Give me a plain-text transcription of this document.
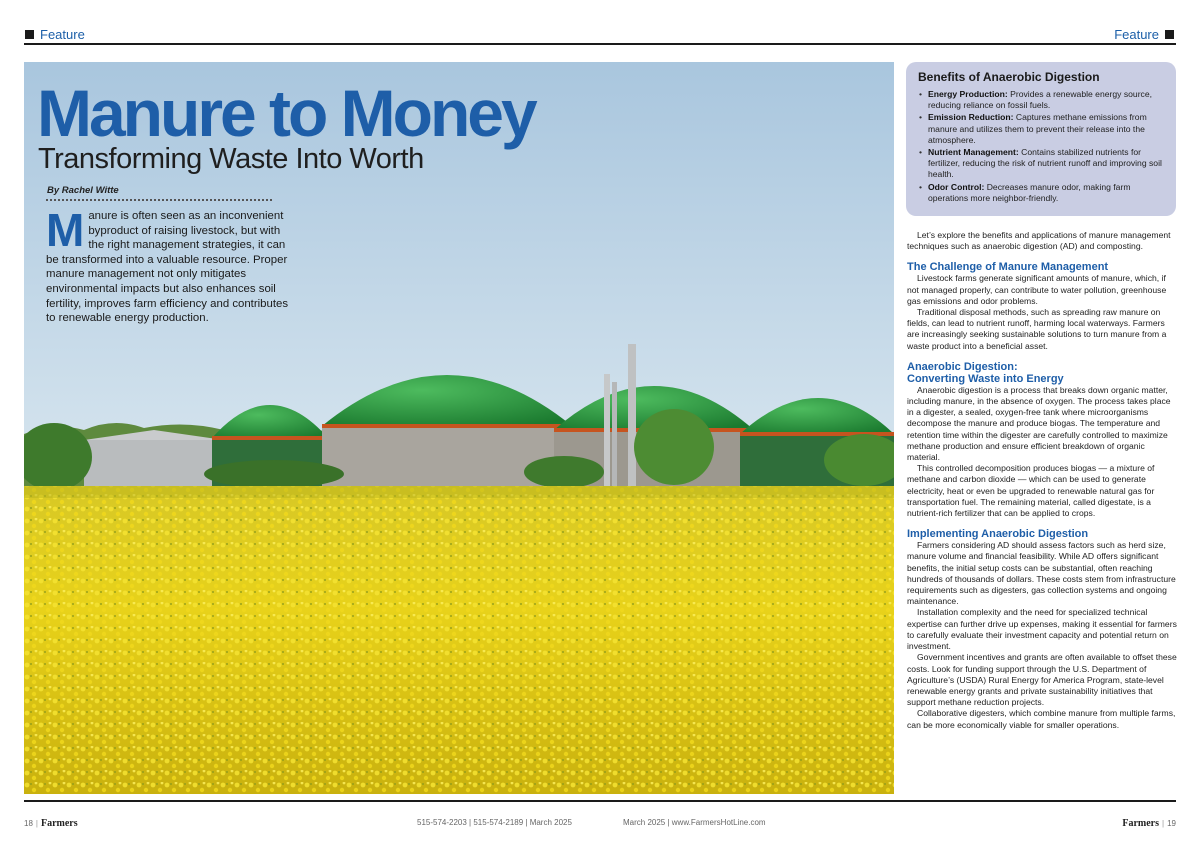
Feature	Feature
Manure to Money
Transforming Waste Into Worth
By Rachel Witte
Manure is often seen as an inconvenient byproduct of raising livestock, but with the right management strategies, it can be transformed into a valuable resource. Proper manure management not only mitigates environmental impacts but also enhances soil fertility, improves farm efficiency and contributes to renewable energy production.
Benefits of Anaerobic Digestion
• Energy Production: Provides a renewable energy source, reducing reliance on fossil fuels.
• Emission Reduction: Captures methane emissions from manure and utilizes them to prevent their release into the atmosphere.
• Nutrient Management: Contains stabilized nutrients for fertilizer, reducing the risk of nutrient runoff and improving soil health.
• Odor Control: Decreases manure odor, making farm operations more neighbor-friendly.

Let’s explore the benefits and applications of manure management techniques such as anaerobic digestion (AD) and composting.

The Challenge of Manure Management

Livestock farms generate significant amounts of manure, which, if not managed properly, can contribute to water pollution, greenhouse gas emissions and odor problems.

Traditional disposal methods, such as spreading raw manure on fields, can lead to nutrient runoff, harming local waterways. Farmers are increasingly seeking sustainable solutions to turn manure from a waste product into a beneficial asset.

Anaerobic Digestion:
Converting Waste into Energy

Anaerobic digestion is a process that breaks down organic matter, including manure, in the absence of oxygen. The process takes place in a digester, a sealed, oxygen-free tank where microorganisms decompose the manure and produce biogas. The temperature and retention time within the digester are carefully controlled to maximize methane production and ensure efficient breakdown of organic material.

This controlled decomposition produces biogas — a mixture of methane and carbon dioxide — which can be used to generate electricity, heat or even be upgraded to renewable natural gas for transportation fuel. The remaining material, called digestate, is a nutrient-rich fertilizer that can be applied to crops.

Implementing Anaerobic Digestion

Farmers considering AD should assess factors such as herd size, manure volume and financial feasibility. While AD offers significant benefits, the initial setup costs can be substantial, often reaching hundreds of thousands of dollars. These costs stem from infrastructure requirements such as digesters, gas collection systems and ongoing maintenance.

Installation complexity and the need for specialized technical expertise can further drive up expenses, making it essential for farmers to carefully evaluate their investment capacity and potential return on investment.

Government incentives and grants are often available to offset these costs. Look for funding support through the U.S. Department of Agriculture’s (USDA) Rural Energy for America Program, state-level renewable energy grants and private sustainability initiatives that support methane reduction projects.

Collaborative digesters, which combine manure from multiple farms, can be more economically viable for smaller operations.

18 | Farmers	515-574-2203 | 515-574-2189 | March 2025	March 2025 | www.FarmersHotLine.com	Farmers | 19
